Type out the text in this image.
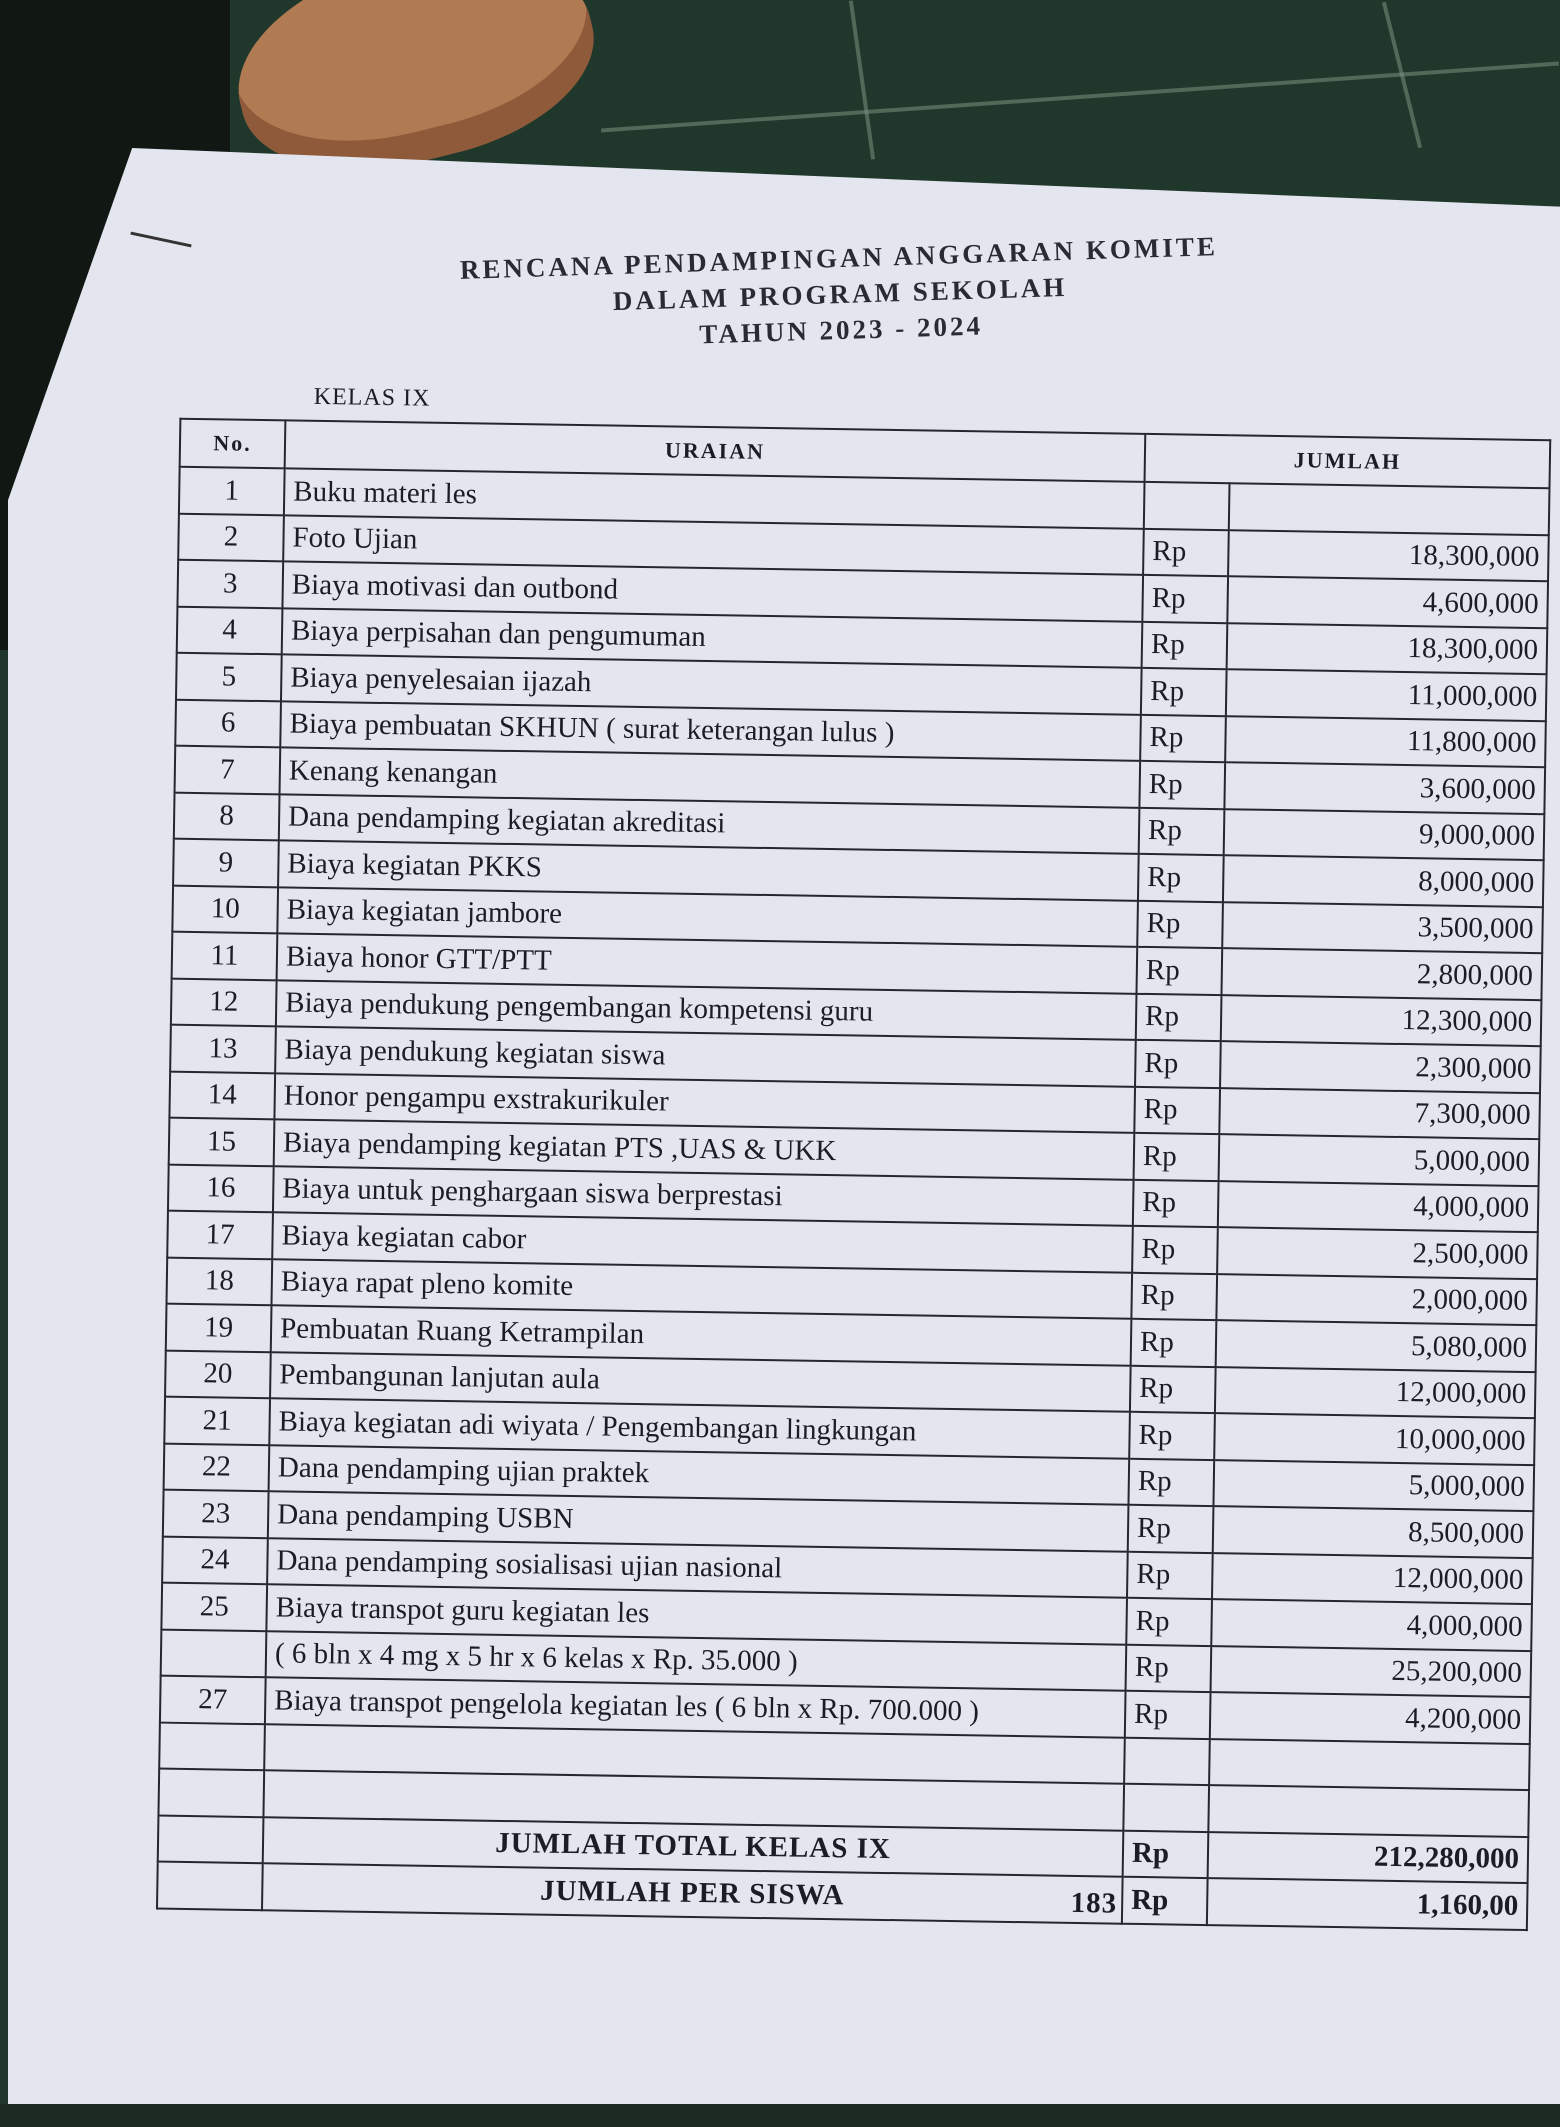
RENCANA PENDAMPINGAN ANGGARAN KOMITE
DALAM PROGRAM SEKOLAH
TAHUN 2023 - 2024
KELAS IX
No.	URAIAN	JUMLAH	
1	Buku materi les		
2	Foto Ujian	Rp	18,300,000
3	Biaya motivasi dan outbond	Rp	4,600,000
4	Biaya perpisahan dan pengumuman	Rp	18,300,000
5	Biaya penyelesaian ijazah	Rp	11,000,000
6	Biaya pembuatan SKHUN ( surat keterangan lulus )	Rp	11,800,000
7	Kenang kenangan	Rp	3,600,000
8	Dana pendamping kegiatan akreditasi	Rp	9,000,000
9	Biaya kegiatan PKKS	Rp	8,000,000
10	Biaya kegiatan jambore	Rp	3,500,000
11	Biaya honor GTT/PTT	Rp	2,800,000
12	Biaya pendukung pengembangan kompetensi guru	Rp	12,300,000
13	Biaya pendukung kegiatan siswa	Rp	2,300,000
14	Honor pengampu exstrakurikuler	Rp	7,300,000
15	Biaya pendamping kegiatan PTS ,UAS & UKK	Rp	5,000,000
16	Biaya untuk penghargaan siswa berprestasi	Rp	4,000,000
17	Biaya kegiatan cabor	Rp	2,500,000
18	Biaya rapat pleno komite	Rp	2,000,000
19	Pembuatan Ruang Ketrampilan	Rp	5,080,000
20	Pembangunan lanjutan aula	Rp	12,000,000
21	Biaya kegiatan adi wiyata / Pengembangan lingkungan	Rp	10,000,000
22	Dana pendamping ujian praktek	Rp	5,000,000
23	Dana pendamping USBN	Rp	8,500,000
24	Dana pendamping sosialisasi ujian nasional	Rp	12,000,000
25	Biaya transpot guru kegiatan les	Rp	4,000,000
	( 6 bln x 4 mg x 5 hr x 6 kelas x Rp. 35.000 )	Rp	25,200,000
27	Biaya transpot pengelola kegiatan les ( 6 bln x Rp. 700.000 )	Rp	4,200,000

	JUMLAH TOTAL KELAS IX	Rp	212,280,000
	JUMLAH PER SISWA 183	Rp	1,160,00
